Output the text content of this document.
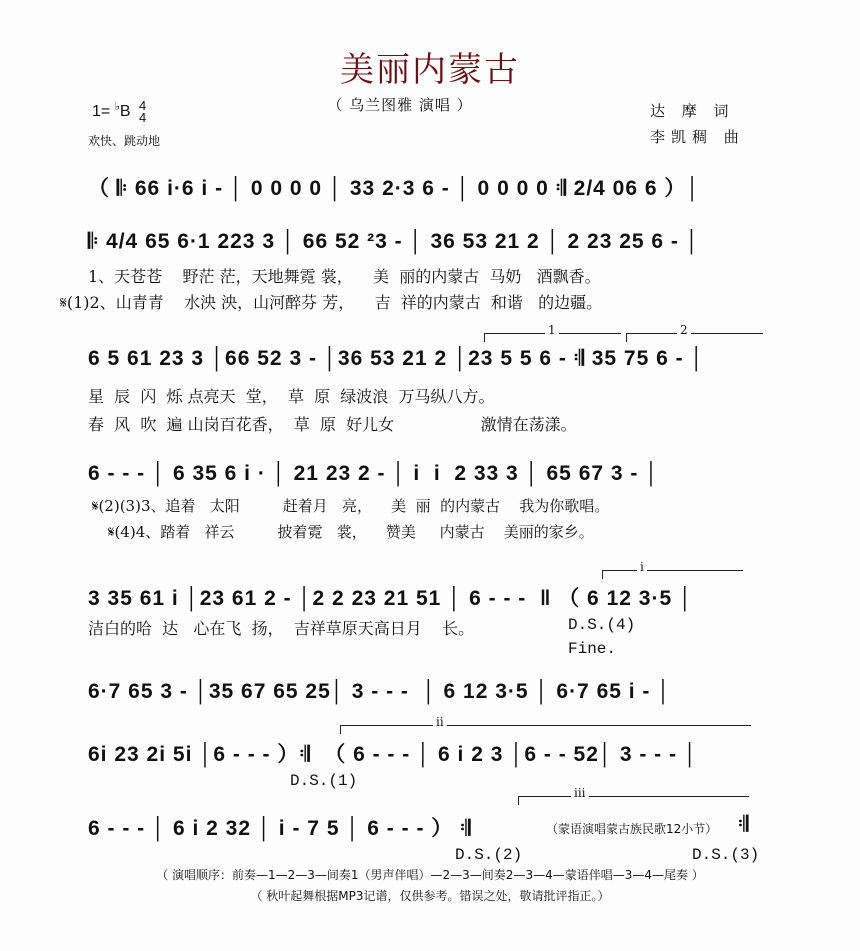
美丽内蒙古
（ 乌兰图雅 演唱 ）
1= ♭B 4
4
欢快、跳动地
达 摩 词
李凯稠 曲
（ 𝄆 66 i·6 i - │ 0 0 0 0 │ 33 2·3 6 - │ 0 0 0 0 𝄇 2/4 06 6 ）│
𝄆 4/4 65 6·1 223 3 │ 66 52 ²3 - │ 36 53 21 2 │ 2 23 25 6 - │
1、天苍苍    野茫 茫，天地舞霓 裳，    美  丽的内蒙古  马奶   酒飘香。
𝄋(1)2、山青青    水泱 泱，山河醉芬 芳，    吉  祥的内蒙古  和谐   的边疆。
1	2
6 5 61 23 3 │66 52 3 - │36 53 21 2 │23 5 5 6 - 𝄇 35 75 6 - │
星  辰  闪  烁 点亮天  堂，  草  原  绿波浪  万马纵八方。
春  风  吹  遍 山岗百花香，  草  原  好儿女                 激情在荡漾。
6 - - - │ 6 35 6 i · │ 21 23 2 - │ i  i  2 33 3 │ 65 67 3 - │
𝄋(2)(3)3、追着   太阳         赶着月   亮，    美  丽  的内蒙古    我为你歌唱。
𝄋(4)4、踏着   祥云         披着霓   裳，    赞美     内蒙古    美丽的家乡。
i
3 35 61 i │23 61 2 - │2 2 23 21 51 │ 6 - - -  ‖ （ 6 12 3·5 │
洁白的哈  达   心在飞  扬，  吉祥草原天高日月    长。	D.S.(4)
Fine.
6·7 65 3 - │35 67 65 25│ 3 - - -  │ 6 12 3·5 │ 6·7 65 i - │
ii
6i 23 2i 5i │6 - - - ）𝄇  （ 6 - - - │ 6 i 2 3 │6 - - 52│ 3 - - - │
D.S.(1)
iii
6 - - - │ 6 i 2 32 │ i - 7 5 │ 6 - - - ） 𝄇	（蒙语演唱蒙古族民歌12小节） 𝄇
D.S.(2)	D.S.(3)
（ 演唱顺序：前奏—1—2—3—间奏1（男声伴唱）—2—3—间奏2—3—4—蒙语伴唱—3—4—尾奏 ）
（ 秋叶起舞根据MP3记谱，仅供参考。错误之处，敬请批评指正。）
